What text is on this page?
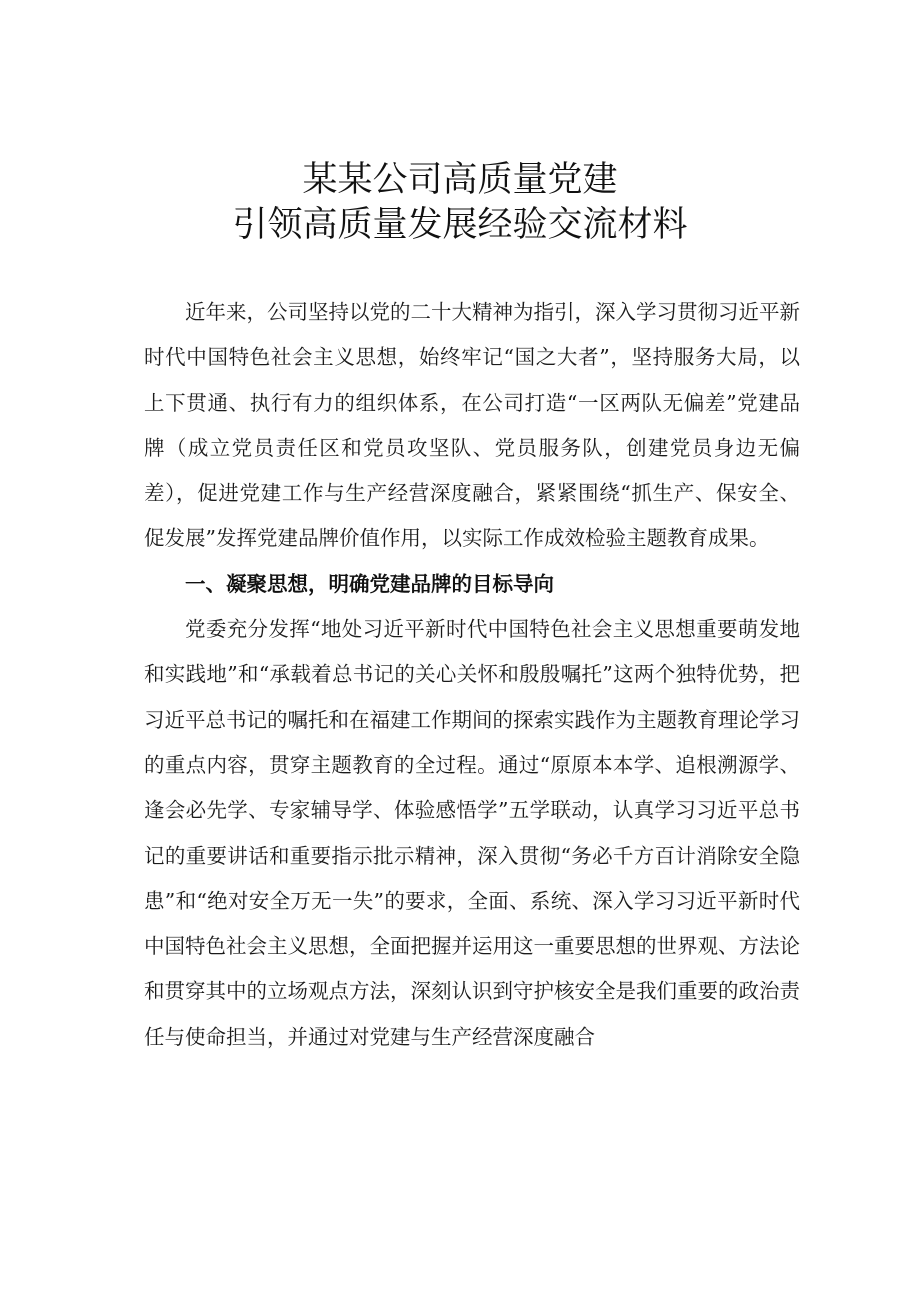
某某公司高质量党建
引领高质量发展经验交流材料

近年来，公司坚持以党的二十大精神为指引，深入学习贯彻习近平新时代中国特色社会主义思想，始终牢记“国之大者”，坚持服务大局，以上下贯通、执行有力的组织体系，在公司打造“一区两队无偏差”党建品牌（成立党员责任区和党员攻坚队、党员服务队，创建党员身边无偏差），促进党建工作与生产经营深度融合，紧紧围绕“抓生产、保安全、促发展”发挥党建品牌价值作用，以实际工作成效检验主题教育成果。

一、凝聚思想，明确党建品牌的目标导向

党委充分发挥“地处习近平新时代中国特色社会主义思想重要萌发地和实践地”和“承载着总书记的关心关怀和殷殷嘱托”这两个独特优势，把习近平总书记的嘱托和在福建工作期间的探索实践作为主题教育理论学习的重点内容，贯穿主题教育的全过程。通过“原原本本学、追根溯源学、逢会必先学、专家辅导学、体验感悟学”五学联动，认真学习习近平总书记的重要讲话和重要指示批示精神，深入贯彻“务必千方百计消除安全隐患”和“绝对安全万无一失”的要求，全面、系统、深入学习习近平新时代中国特色社会主义思想，全面把握并运用这一重要思想的世界观、方法论和贯穿其中的立场观点方法，深刻认识到守护核安全是我们重要的政治责任与使命担当，并通过对党建与生产经营深度融合
